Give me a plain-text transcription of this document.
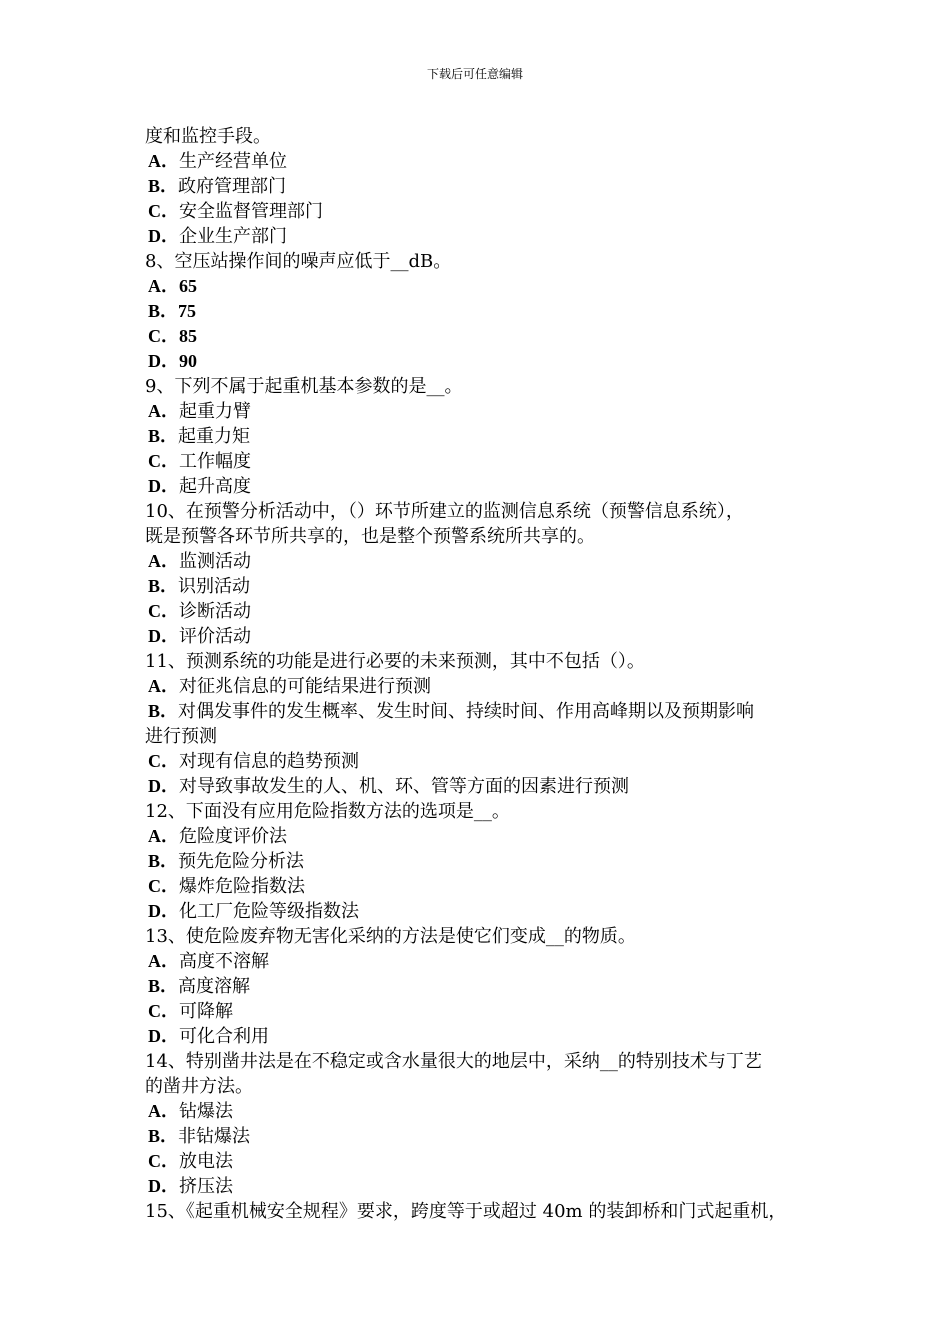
下载后可任意编辑
度和监控手段。
A．生产经营单位
B．政府管理部门
C．安全监督管理部门
D．企业生产部门
8、空压站操作间的噪声应低于__dB。
A．65
B．75
C．85
D．90
9、下列不属于起重机基本参数的是__。
A．起重力臂
B．起重力矩
C．工作幅度
D．起升高度
10、在预警分析活动中，（）环节所建立的监测信息系统（预警信息系统），
既是预警各环节所共享的，也是整个预警系统所共享的。
A．监测活动
B．识别活动
C．诊断活动
D．评价活动
11、预测系统的功能是进行必要的未来预测，其中不包括（）。
A．对征兆信息的可能结果进行预测
B．对偶发事件的发生概率、发生时间、持续时间、作用高峰期以及预期影响
进行预测
C．对现有信息的趋势预测
D．对导致事故发生的人、机、环、管等方面的因素进行预测
12、下面没有应用危险指数方法的选项是__。
A．危险度评价法
B．预先危险分析法
C．爆炸危险指数法
D．化工厂危险等级指数法
13、使危险废弃物无害化采纳的方法是使它们变成__的物质。
A．高度不溶解
B．高度溶解
C．可降解
D．可化合利用
14、特别凿井法是在不稳定或含水量很大的地层中，采纳__的特别技术与丁艺
的凿井方法。
A．钻爆法
B．非钻爆法
C．放电法
D．挤压法
15、《起重机械安全规程》要求，跨度等于或超过 40m 的装卸桥和门式起重机，
